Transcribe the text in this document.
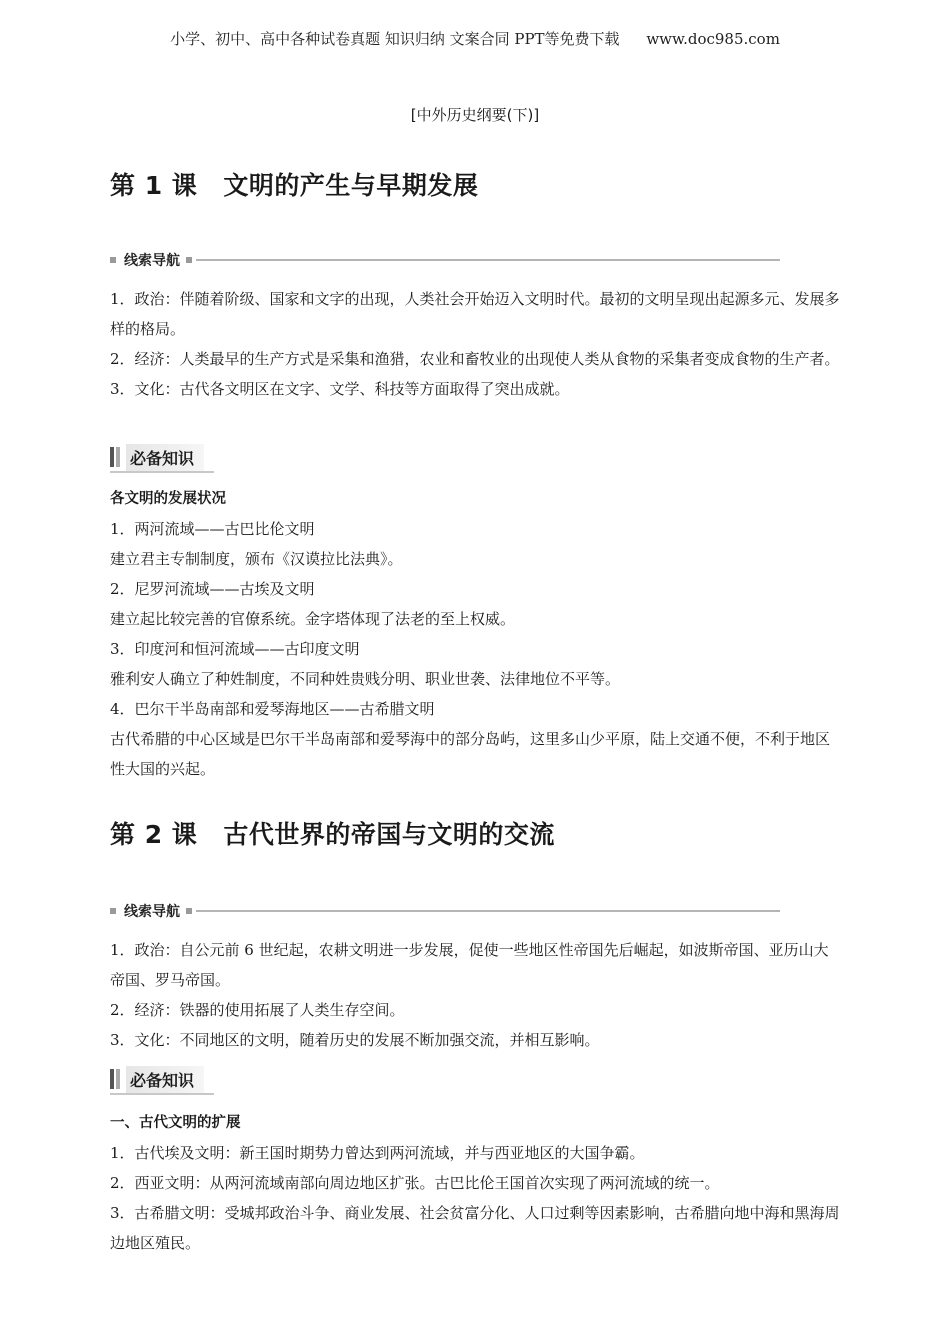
小学、初中、高中各种试卷真题 知识归纳 文案合同 PPT等免费下载 www.doc985.com
[中外历史纲要(下)]
第 1 课 文明的产生与早期发展
线索导航

1．政治：伴随着阶级、国家和文字的出现，人类社会开始迈入文明时代。最初的文明呈现出起源多元、发展多样的格局。

2．经济：人类最早的生产方式是采集和渔猎，农业和畜牧业的出现使人类从食物的采集者变成食物的生产者。

3．文化：古代各文明区在文字、文学、科技等方面取得了突出成就。

必备知识

各文明的发展状况

1．两河流域——古巴比伦文明

建立君主专制制度，颁布《汉谟拉比法典》。

2．尼罗河流域——古埃及文明

建立起比较完善的官僚系统。金字塔体现了法老的至上权威。

3．印度河和恒河流域——古印度文明

雅利安人确立了种姓制度，不同种姓贵贱分明、职业世袭、法律地位不平等。

4．巴尔干半岛南部和爱琴海地区——古希腊文明

古代希腊的中心区域是巴尔干半岛南部和爱琴海中的部分岛屿，这里多山少平原，陆上交通不便，不利于地区性大国的兴起。

第 2 课 古代世界的帝国与文明的交流
线索导航

1．政治：自公元前 6 世纪起，农耕文明进一步发展，促使一些地区性帝国先后崛起，如波斯帝国、亚历山大帝国、罗马帝国。

2．经济：铁器的使用拓展了人类生存空间。

3．文化：不同地区的文明，随着历史的发展不断加强交流，并相互影响。

必备知识

一、古代文明的扩展

1．古代埃及文明：新王国时期势力曾达到两河流域，并与西亚地区的大国争霸。

2．西亚文明：从两河流域南部向周边地区扩张。古巴比伦王国首次实现了两河流域的统一。

3．古希腊文明：受城邦政治斗争、商业发展、社会贫富分化、人口过剩等因素影响，古希腊向地中海和黑海周边地区殖民。
